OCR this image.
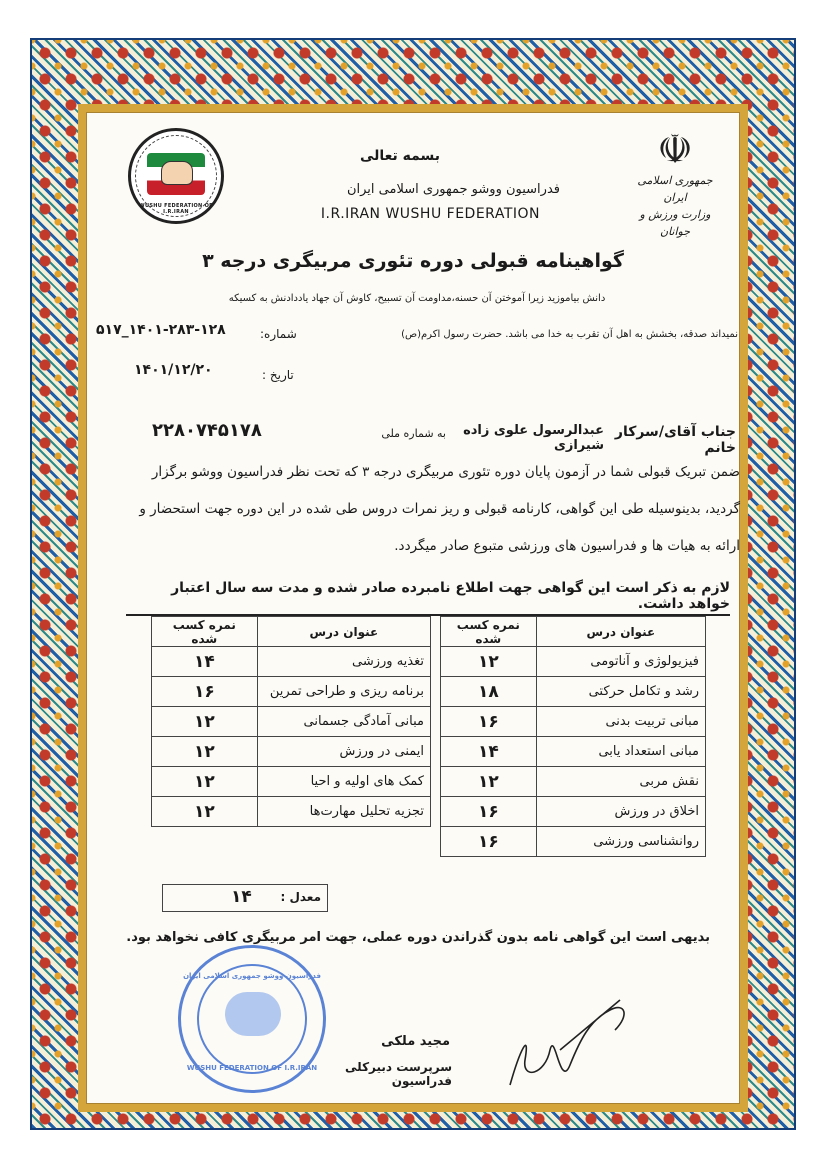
☫
جمهوری اسلامی ایران
وزارت ورزش و جوانان
WUSHU FEDERATION OF I.R.IRAN
بسمه تعالی
فدراسیون ووشو جمهوری اسلامی ایران
I.R.IRAN WUSHU FEDERATION
گواهینامه قبولی دوره تئوری مربیگری درجه ۳
دانش بیاموزید زیرا آموختن آن حسنه،مداومت آن تسبیح، کاوش آن جهاد یاددادنش به کسیکه
نمیداند صدقه، بخشش به اهل آن تقرب به خدا می باشد. حضرت رسول اکرم(ص)
۱۴۰۱-۲۸۳-۱۲۸_۵۱۷	شماره:
۱۴۰۱/۱۲/۲۰	تاریخ :
جناب آقای/سرکار خانم
عبدالرسول علوی زاده شیرازی
به شماره ملی
۲۲۸۰۷۴۵۱۷۸
ضمن تبریک قبولی شما در آزمون پایان دوره تئوری مربیگری درجه ۳ که تحت نظر فدراسیون ووشو برگزار گردید، بدینوسیله طی این گواهی، کارنامه قبولی و ریز نمرات دروس طی شده در این دوره جهت استحضار و ارائه به هیات ها و فدراسیون های ورزشی متبوع صادر میگردد.
لازم به ذکر است این گواهی جهت اطلاع نامبرده صادر شده و مدت سه سال اعتبار خواهد داشت.
عنوان درس	نمره کسب شده
فیزیولوژی و آناتومی	۱۲
رشد و تکامل حرکتی	۱۸
مبانی تربیت بدنی	۱۶
مبانی استعداد یابی	۱۴
نقش مربی	۱۲
اخلاق در ورزش	۱۶
روانشناسی ورزشی	۱۶
عنوان درس	نمره کسب شده
تغذیه ورزشی	۱۴
برنامه ریزی و طراحی تمرین	۱۶
مبانی آمادگی جسمانی	۱۲
ایمنی در ورزش	۱۲
کمک های اولیه و احیا	۱۲
تجزیه تحلیل مهارت‌ها	۱۲
معدل :
۱۴
بدیهی است این گواهی نامه بدون گذراندن دوره عملی، جهت امر مربیگری کافی نخواهد بود.
فدراسیون ووشو جمهوری اسلامی ایران
WUSHU FEDERATION OF I.R.IRAN
مجید ملکی
سرپرست دبیرکلی فدراسیون
